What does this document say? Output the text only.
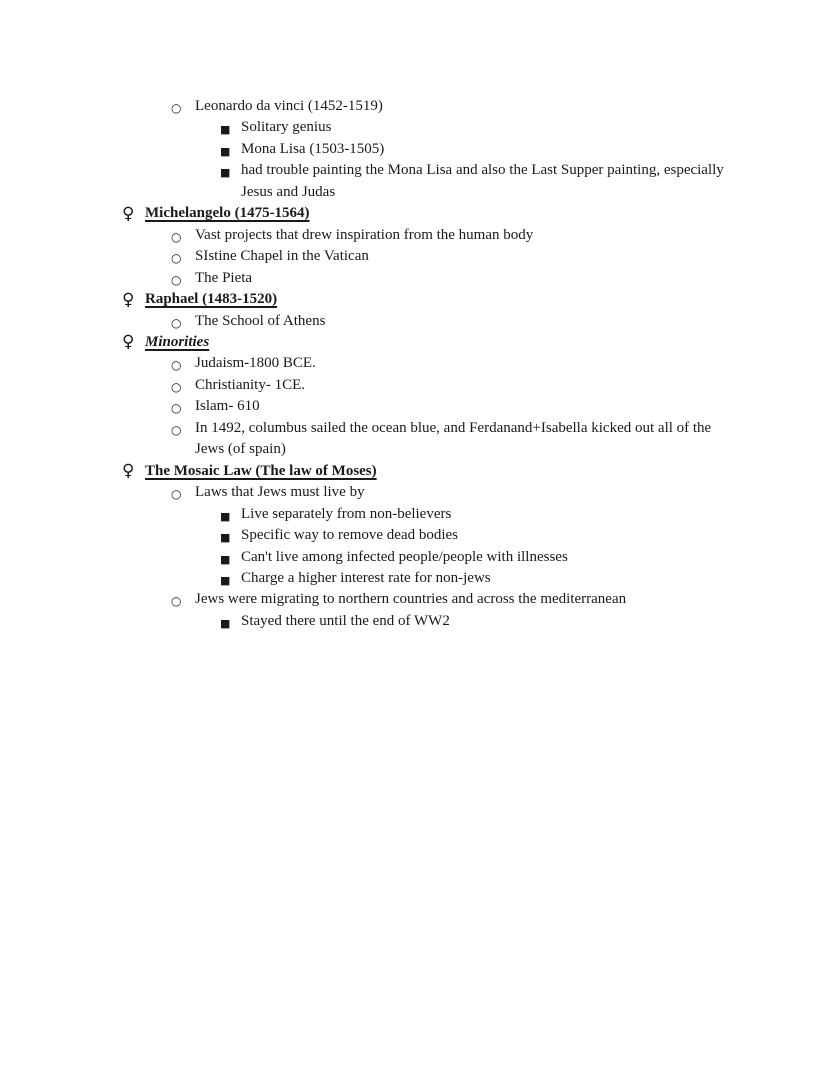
○ Leonardo da vinci (1452-1519)
■ Solitary genius
■ Mona Lisa (1503-1505)
■ had trouble painting the Mona Lisa and also the Last Supper painting, especially Jesus and Judas
♀ Michelangelo (1475-1564)
○ Vast projects that drew inspiration from the human body
○ SIstine Chapel in the Vatican
○ The Pieta
♀ Raphael (1483-1520)
○ The School of Athens
♀ Minorities
○ Judaism-1800 BCE.
○ Christianity- 1CE.
○ Islam- 610
○ In 1492, columbus sailed the ocean blue, and Ferdanand+Isabella kicked out all of the Jews (of spain)
♀ The Mosaic Law (The law of Moses)
○ Laws that Jews must live by
■ Live separately from non-believers
■ Specific way to remove dead bodies
■ Can't live among infected people/people with illnesses
■ Charge a higher interest rate for non-jews
○ Jews were migrating to northern countries and across the mediterranean
■ Stayed there until the end of WW2
